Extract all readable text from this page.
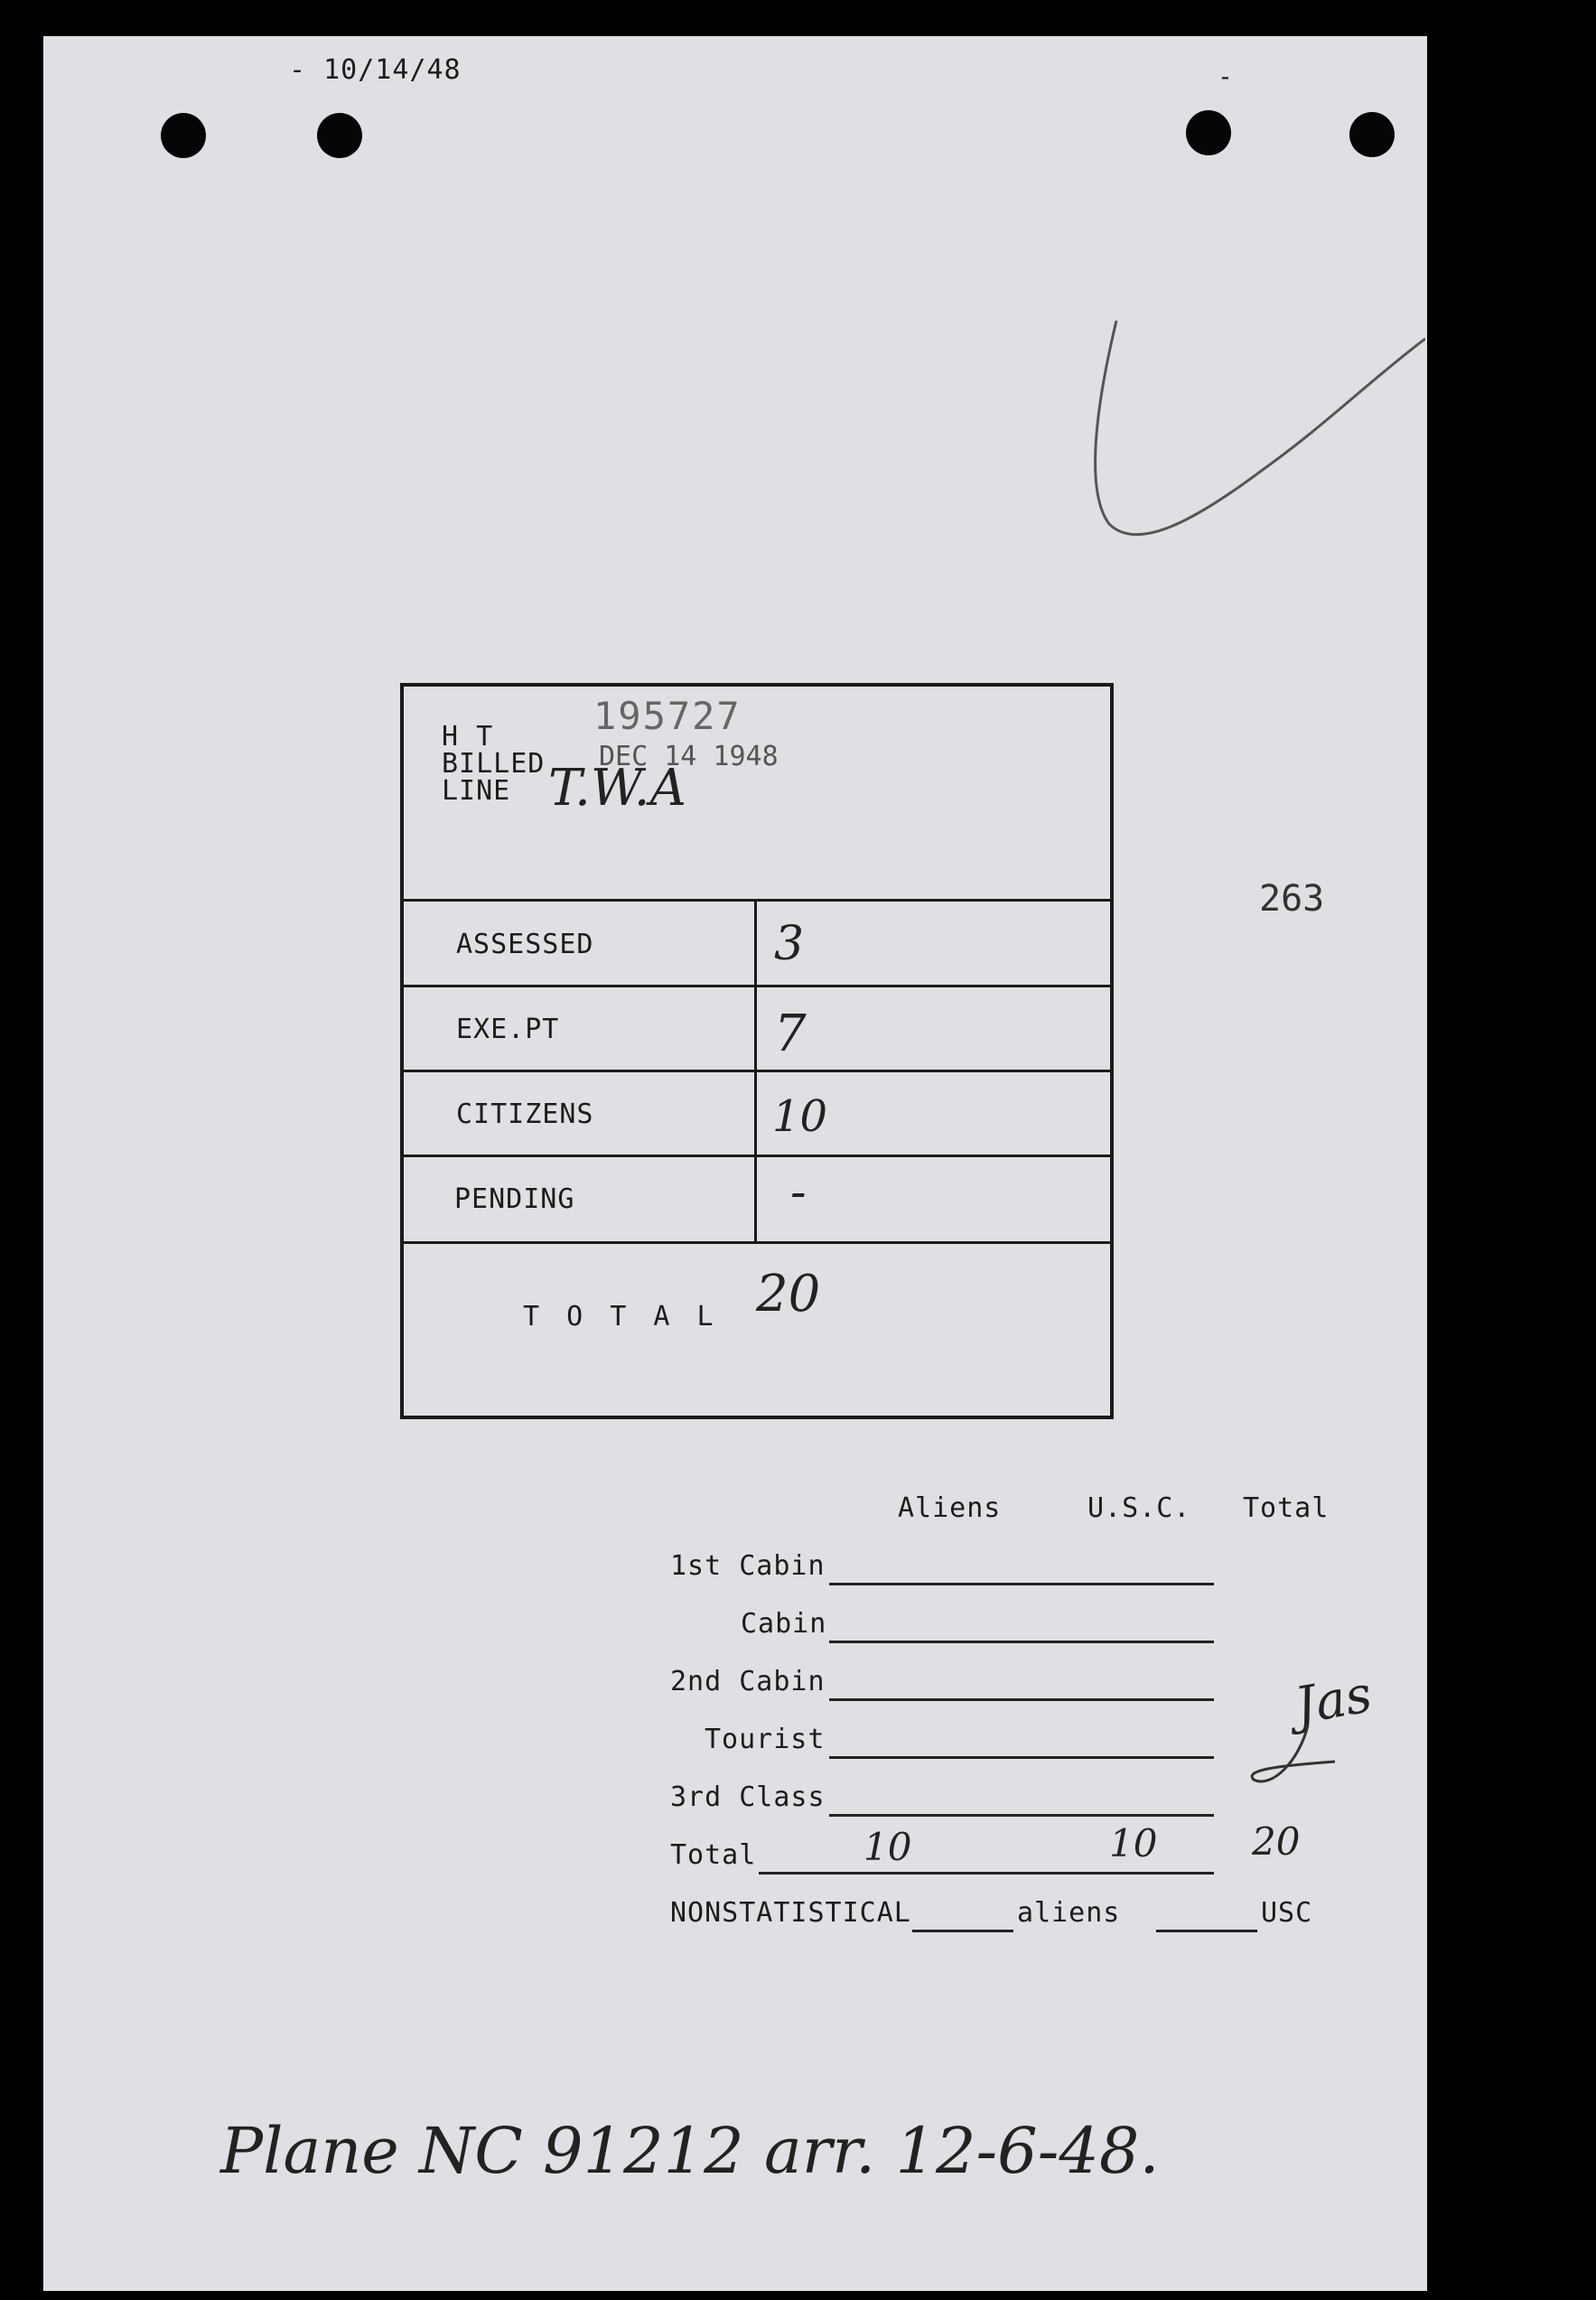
- 10/14/48	-
H T
BILLED
LINE
195727
DEC 14 1948
T.W.A
ASSESSED	3
EXE.PT	7
CITIZENS	10
PENDING	-
T O T A L 20
263
Aliens	U.S.C. Total
1st Cabin
Cabin
2nd Cabin
Tourist
3rd Class
Total	10	10 20
NONSTATISTICAL	aliens	USC
Jas
Plane NC 91212 arr. 12-6-48.
